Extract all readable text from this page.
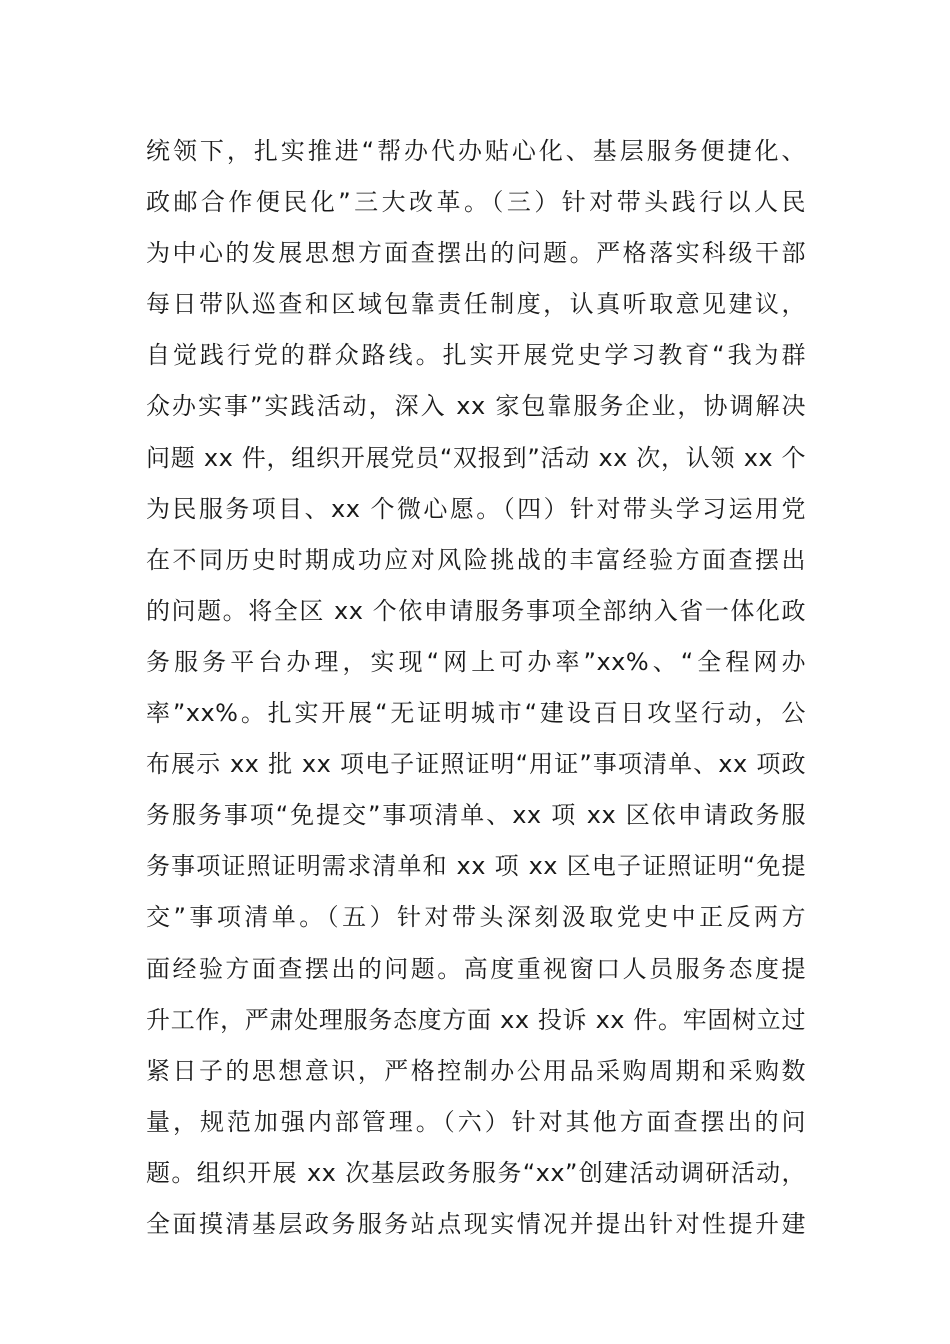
统领下，扎实推进“帮办代办贴心化、基层服务便捷化、
政邮合作便民化”三大改革。（三）针对带头践行以人民
为中心的发展思想方面查摆出的问题。严格落实科级干部
每日带队巡查和区域包靠责任制度，认真听取意见建议，
自觉践行党的群众路线。扎实开展党史学习教育“我为群
众办实事”实践活动，深入 xx 家包靠服务企业，协调解决
问题 xx 件，组织开展党员“双报到”活动 xx 次，认领 xx 个
为民服务项目、xx 个微心愿。（四）针对带头学习运用党
在不同历史时期成功应对风险挑战的丰富经验方面查摆出
的问题。将全区 xx 个依申请服务事项全部纳入省一体化政
务服务平台办理，实现“网上可办率”xx%、“全程网办
率”xx%。扎实开展“无证明城市“建设百日攻坚行动，公
布展示 xx 批 xx 项电子证照证明“用证”事项清单、xx 项政
务服务事项“免提交”事项清单、xx 项 xx 区依申请政务服
务事项证照证明需求清单和 xx 项 xx 区电子证照证明“免提
交”事项清单。（五）针对带头深刻汲取党史中正反两方
面经验方面查摆出的问题。高度重视窗口人员服务态度提
升工作，严肃处理服务态度方面 xx 投诉 xx 件。牢固树立过
紧日子的思想意识，严格控制办公用品采购周期和采购数
量，规范加强内部管理。（六）针对其他方面查摆出的问
题。组织开展 xx 次基层政务服务“xx”创建活动调研活动，
全面摸清基层政务服务站点现实情况并提出针对性提升建
